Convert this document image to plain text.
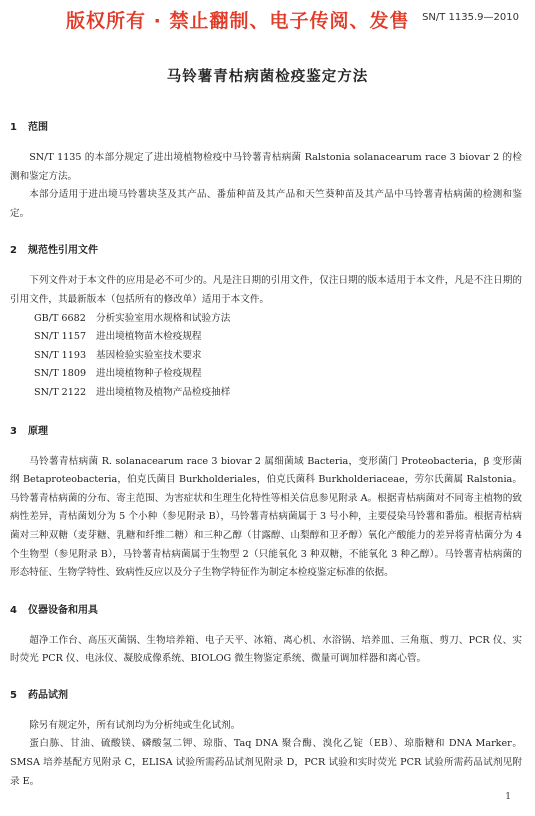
版权所有 · 禁止翻制、电子传阅、发售 SN/T 1135.9—2010
马铃薯青枯病菌检疫鉴定方法
1 范围

SN/T 1135 的本部分规定了进出境植物检疫中马铃薯青枯病菌 Ralstonia solanacearum race 3 biovar 2 的检测和鉴定方法。

本部分适用于进出境马铃薯块茎及其产品、番茄种苗及其产品和天竺葵种苗及其产品中马铃薯青枯病菌的检测和鉴定。

2 规范性引用文件

下列文件对于本文件的应用是必不可少的。凡是注日期的引用文件，仅注日期的版本适用于本文件，凡是不注日期的引用文件，其最新版本（包括所有的修改单）适用于本文件。

GB/T 6682 分析实验室用水规格和试验方法
SN/T 1157 进出境植物苗木检疫规程
SN/T 1193 基因检验实验室技术要求
SN/T 1809 进出境植物种子检疫规程
SN/T 2122 进出境植物及植物产品检疫抽样
3 原理

马铃薯青枯病菌 R. solanacearum race 3 biovar 2 属细菌域 Bacteria，变形菌门 Proteobacteria，β 变形菌纲 Betaproteobacteria，伯克氏菌目 Burkholderiales，伯克氏菌科 Burkholderiaceae，劳尔氏菌属 Ralstonia。马铃薯青枯病菌的分布、寄主范围、为害症状和生理生化特性等相关信息参见附录 A。根据青枯病菌对不同寄主植物的致病性差异，青枯菌划分为 5 个小种（参见附录 B），马铃薯青枯病菌属于 3 号小种，主要侵染马铃薯和番茄。根据青枯病菌对三种双糖（麦芽糖、乳糖和纤维二糖）和三种乙醇（甘露醇、山梨醇和卫矛醇）氧化产酸能力的差异将青枯菌分为 4 个生物型（参见附录 B），马铃薯青枯病菌属于生物型 2（只能氧化 3 种双糖，不能氧化 3 种乙醇）。马铃薯青枯病菌的形态特征、生物学特性、致病性反应以及分子生物学特征作为制定本检疫鉴定标准的依据。

4 仪器设备和用具

超净工作台、高压灭菌锅、生物培养箱、电子天平、冰箱、离心机、水浴锅、培养皿、三角瓶、剪刀、PCR 仪、实时荧光 PCR 仪、电泳仪、凝胶成像系统、BIOLOG 微生物鉴定系统、微量可调加样器和离心管。

5 药品试剂

除另有规定外，所有试剂均为分析纯或生化试剂。

蛋白胨、甘油、硫酸镁、磷酸氢二钾、琼脂、Taq DNA 聚合酶、溴化乙锭（EB）、琼脂糖和 DNA Marker。SMSA 培养基配方见附录 C，ELISA 试验所需药品试剂见附录 D，PCR 试验和实时荧光 PCR 试验所需药品试剂见附录 E。

1
